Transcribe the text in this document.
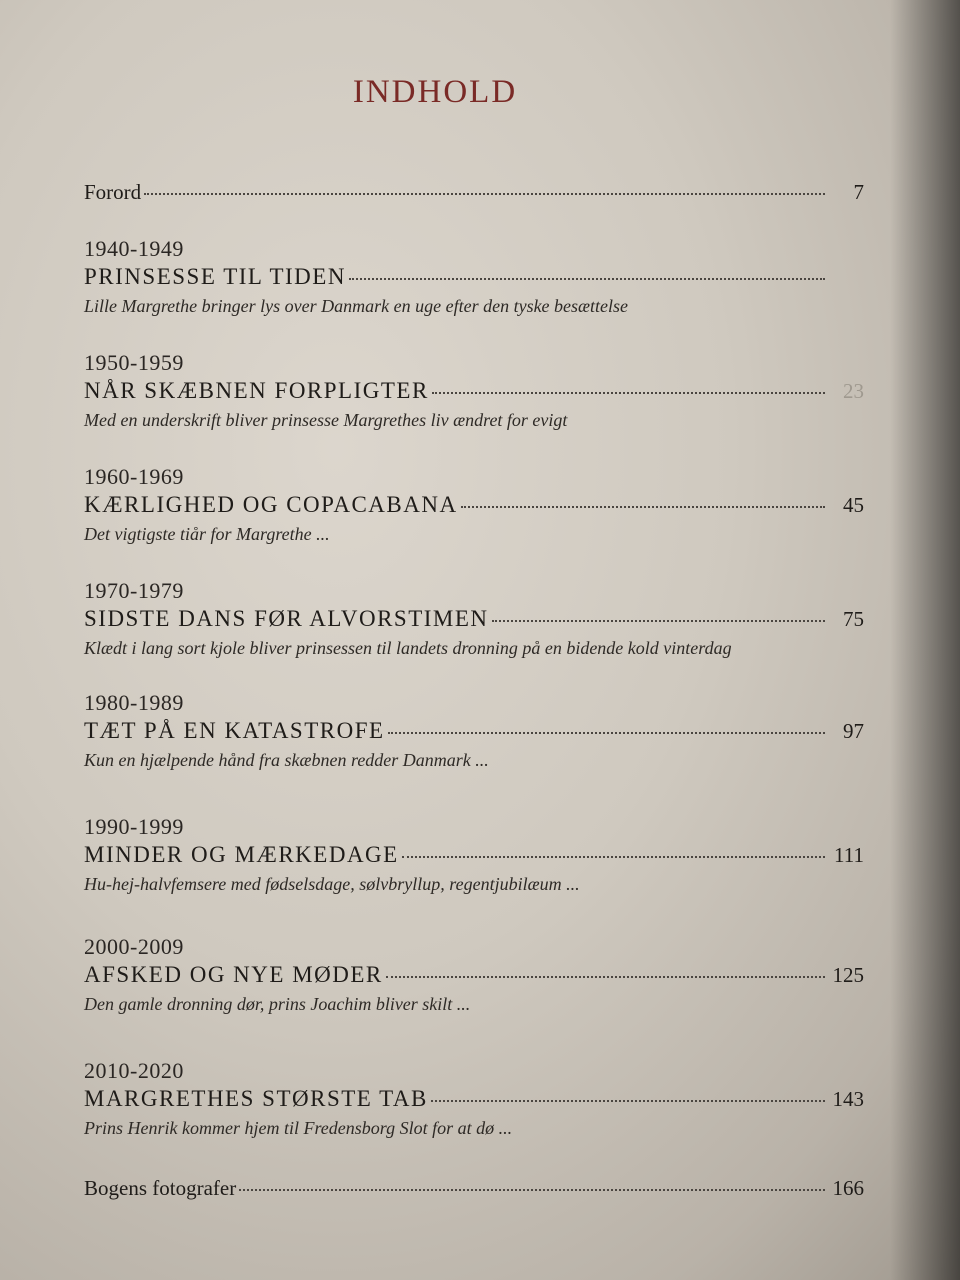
INDHOLD
Forord	7
1940-1949
PRINSESSE TIL TIDEN
Lille Margrethe bringer lys over Danmark en uge efter den tyske besættelse
1950-1959
NÅR SKÆBNEN FORPLIGTER	23
Med en underskrift bliver prinsesse Margrethes liv ændret for evigt
1960-1969
KÆRLIGHED OG COPACABANA	45
Det vigtigste tiår for Margrethe ...
1970-1979
SIDSTE DANS FØR ALVORSTIMEN	75
Klædt i lang sort kjole bliver prinsessen til landets dronning på en bidende kold vinterdag
1980-1989
TÆT PÅ EN KATASTROFE	97
Kun en hjælpende hånd fra skæbnen redder Danmark ...
1990-1999
MINDER OG MÆRKEDAGE	111
Hu-hej-halvfemsere med fødselsdage, sølvbryllup, regentjubilæum ...
2000-2009
AFSKED OG NYE MØDER	125
Den gamle dronning dør, prins Joachim bliver skilt ...
2010-2020
MARGRETHES STØRSTE TAB	143
Prins Henrik kommer hjem til Fredensborg Slot for at dø ...
Bogens fotografer	166
